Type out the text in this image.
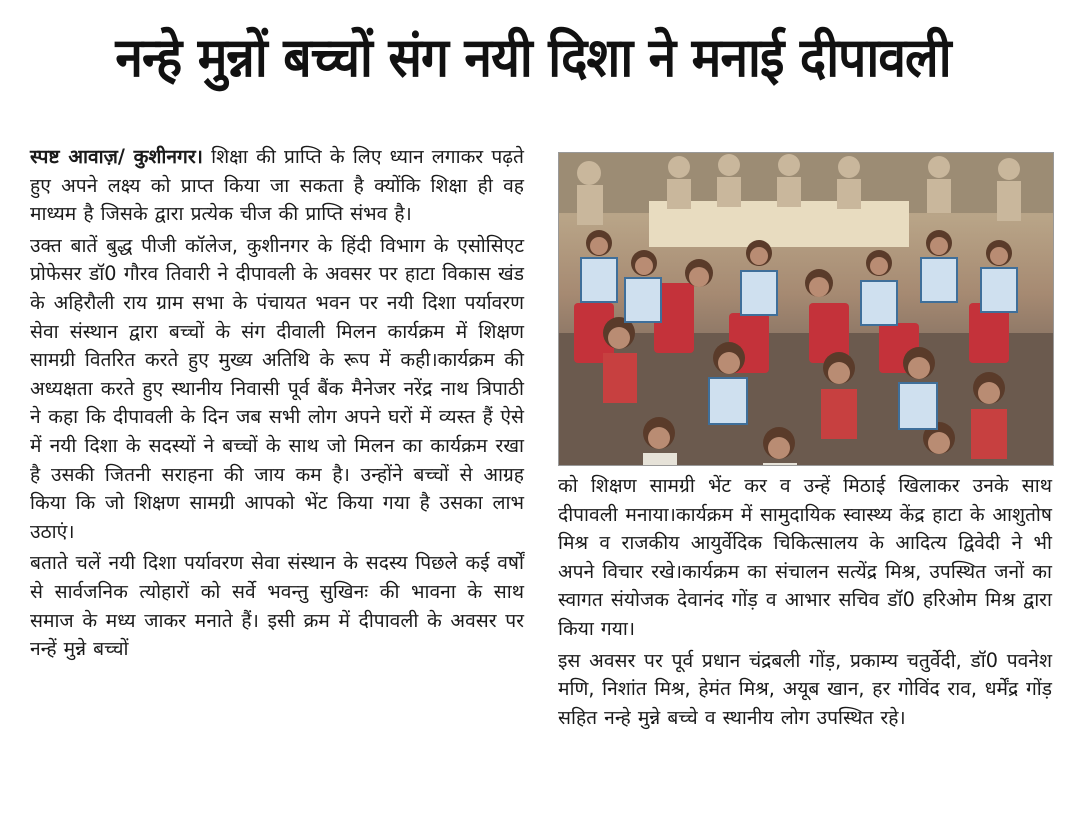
नन्हे मुन्नों बच्चों संग नयी दिशा ने मनाई दीपावली

स्पष्ट आवाज़/ कुशीनगर। शिक्षा की प्राप्ति के लिए ध्यान लगाकर पढ़ते हुए अपने लक्ष्य को प्राप्त किया जा सकता है क्योंकि शिक्षा ही वह माध्यम है जिसके द्वारा प्रत्येक चीज की प्राप्ति संभव है।

उक्त बातें बुद्ध पीजी कॉलेज, कुशीनगर के हिंदी विभाग के एसोसिएट प्रोफेसर डॉ0 गौरव तिवारी ने दीपावली के अवसर पर हाटा विकास खंड के अहिरौली राय ग्राम सभा के पंचायत भवन पर नयी दिशा पर्यावरण सेवा संस्थान द्वारा बच्चों के संग दीवाली मिलन कार्यक्रम में शिक्षण सामग्री वितरित करते हुए मुख्य अतिथि के रूप में कही।कार्यक्रम की अध्यक्षता करते हुए स्थानीय निवासी पूर्व बैंक मैनेजर नरेंद्र नाथ त्रिपाठी ने कहा कि दीपावली के दिन जब सभी लोग अपने घरों में व्यस्त हैं ऐसे में नयी दिशा के सदस्यों ने बच्चों के साथ जो मिलन का कार्यक्रम रखा है उसकी जितनी सराहना की जाय कम है। उन्होंने बच्चों से आग्रह किया कि जो शिक्षण सामग्री आपको भेंट किया गया है उसका लाभ उठाएं।

बताते चलें नयी दिशा पर्यावरण सेवा संस्थान के सदस्य पिछले कई वर्षों से सार्वजनिक त्योहारों को सर्वे भवन्तु सुखिनः की भावना के साथ समाज के मध्य जाकर मनाते हैं। इसी क्रम में दीपावली के अवसर पर नन्हें मुन्ने बच्चों

को शिक्षण सामग्री भेंट कर व उन्हें मिठाई खिलाकर उनके साथ दीपावली मनाया।कार्यक्रम में सामुदायिक स्वास्थ्य केंद्र हाटा के आशुतोष मिश्र व राजकीय आयुर्वेदिक चिकित्सालय के आदित्य द्विवेदी ने भी अपने विचार रखे।कार्यक्रम का संचालन सत्येंद्र मिश्र, उपस्थित जनों का स्वागत संयोजक देवानंद गोंड़ व आभार सचिव डॉ0 हरिओम मिश्र द्वारा किया गया।

इस अवसर पर पूर्व प्रधान चंद्रबली गोंड़, प्रकाम्य चतुर्वेदी, डॉ0 पवनेश मणि, निशांत मिश्र, हेमंत मिश्र, अयूब खान, हर गोविंद राव, धर्मेंद्र गोंड़ सहित नन्हे मुन्ने बच्चे व स्थानीय लोग उपस्थित रहे।
